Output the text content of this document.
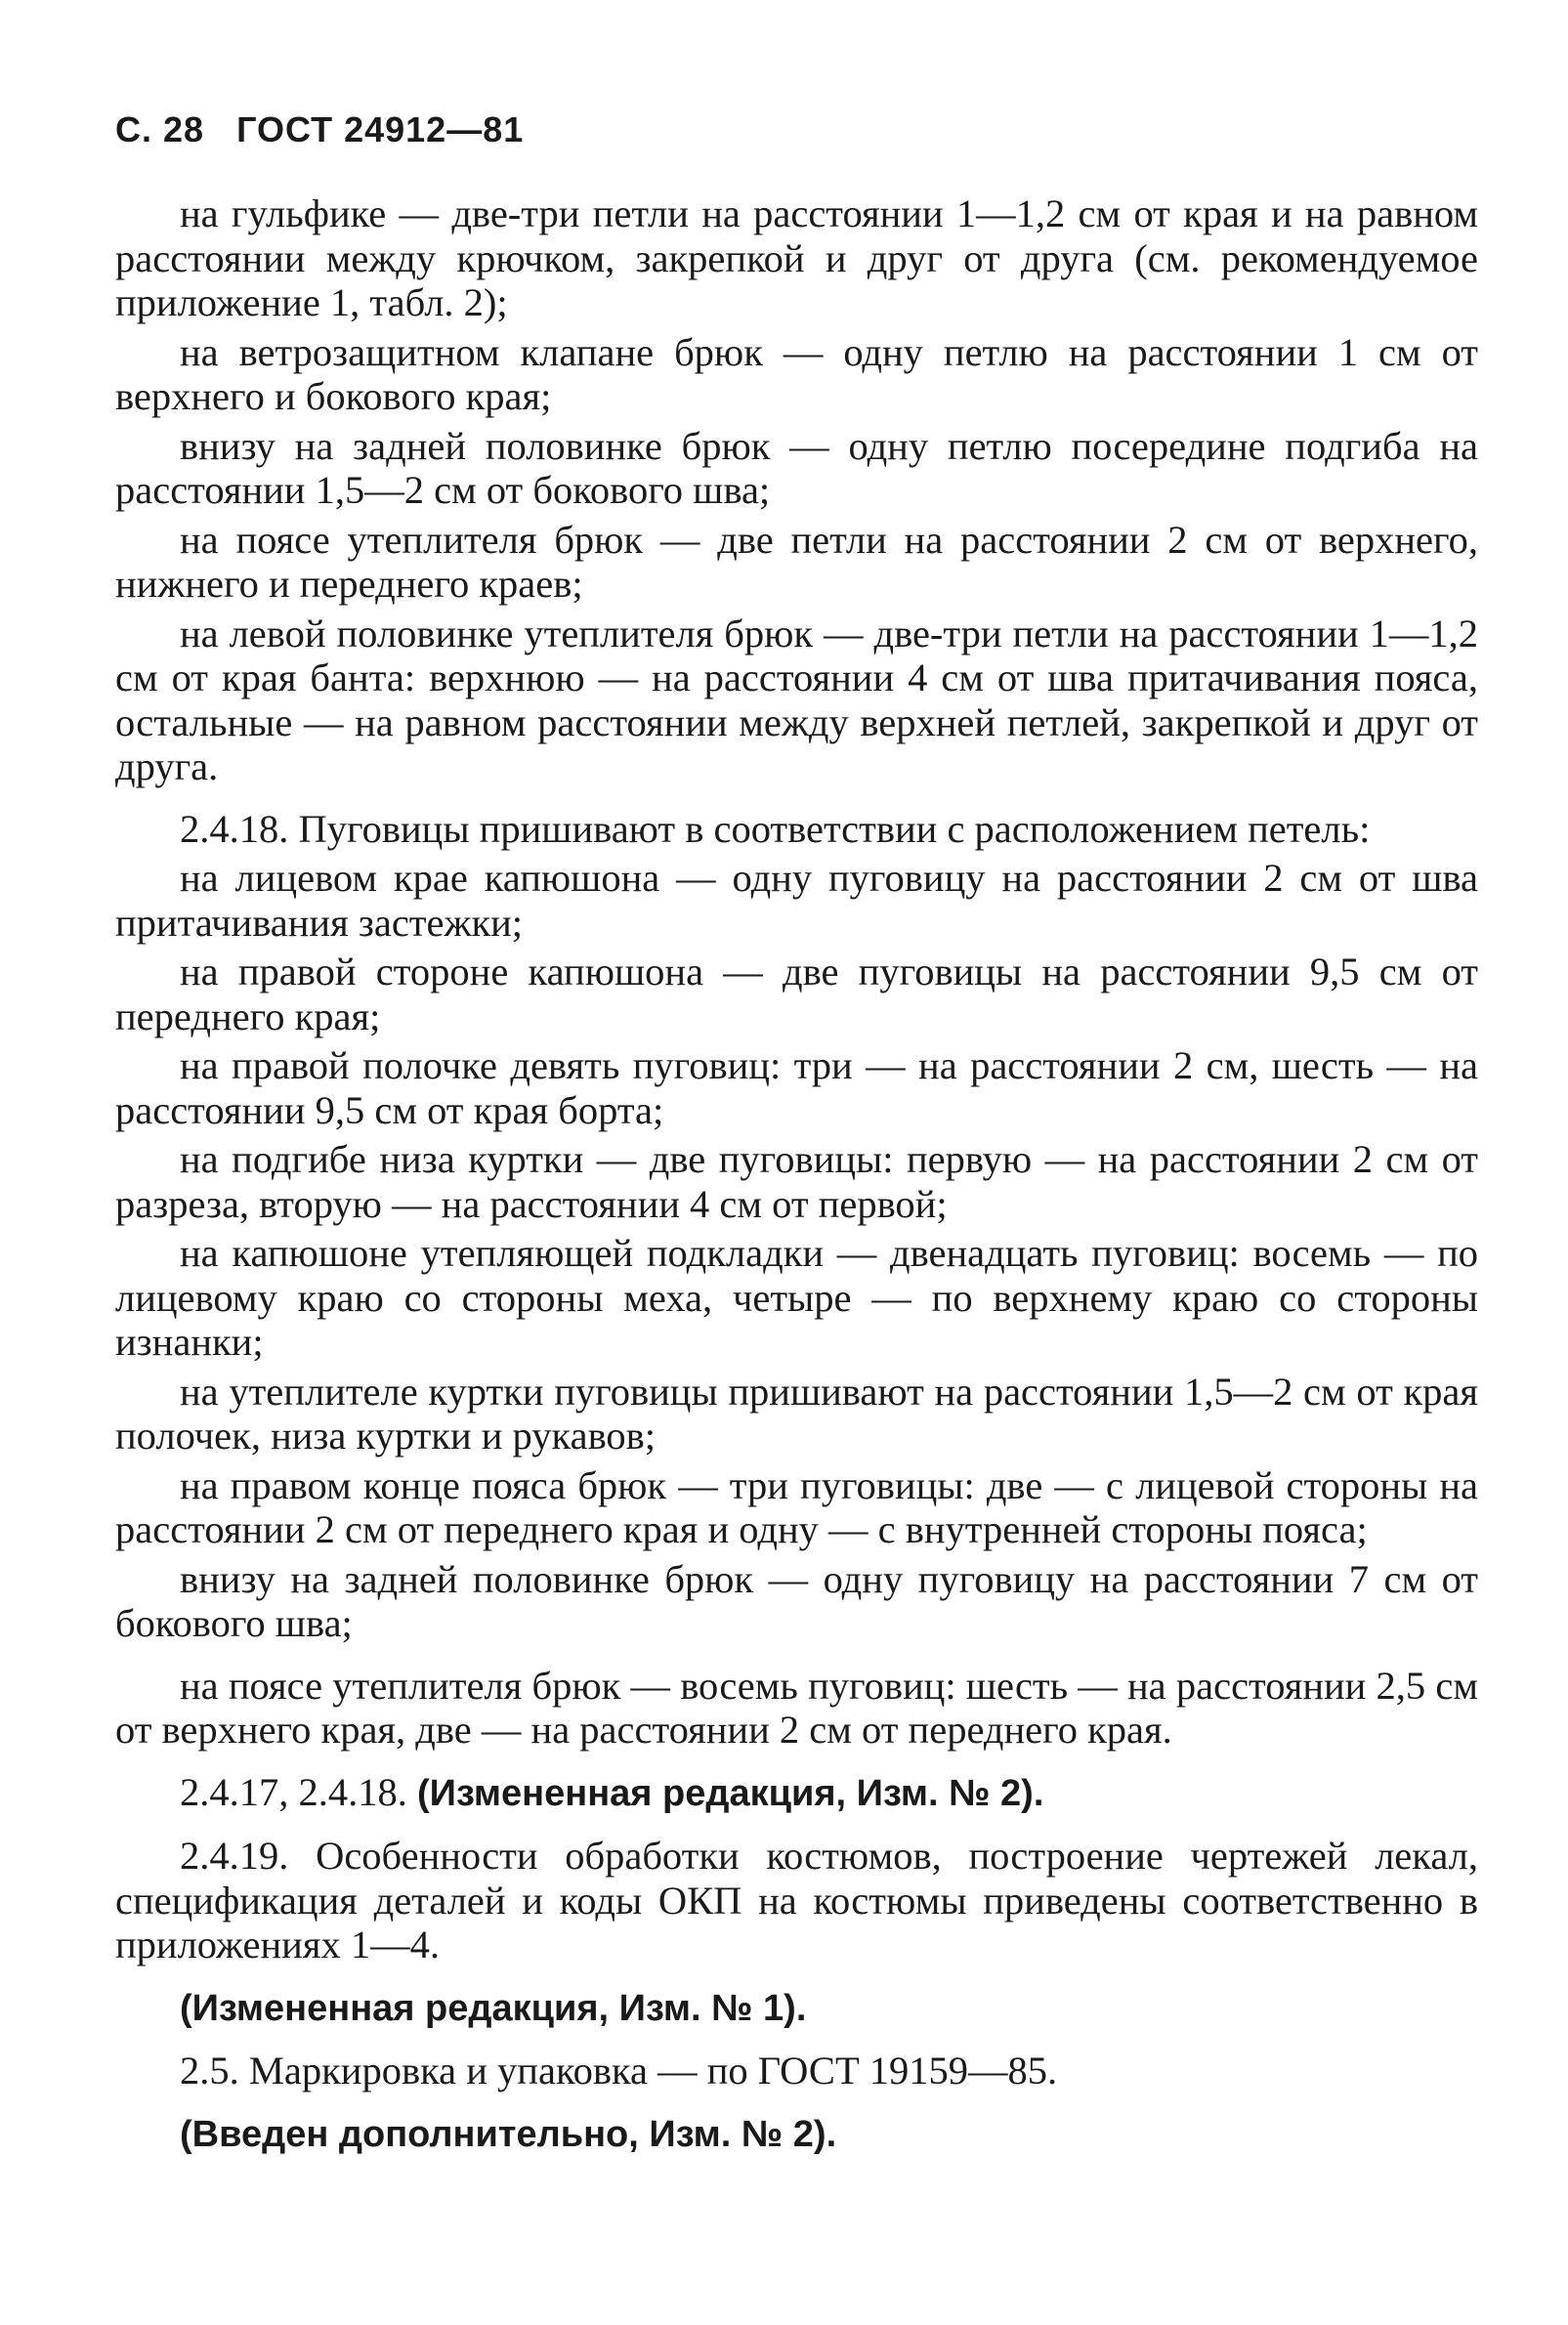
С. 28 ГОСТ 24912—81

на гульфике — две-три петли на расстоянии 1—1,2 см от края и на равном расстоянии между крючком, закрепкой и друг от друга (см. рекомендуемое приложение 1, табл. 2);

на ветрозащитном клапане брюк — одну петлю на расстоянии 1 см от верхнего и бокового края;

внизу на задней половинке брюк — одну петлю посередине подгиба на расстоянии 1,5—2 см от бокового шва;

на поясе утеплителя брюк — две петли на расстоянии 2 см от верхнего, нижнего и переднего краев;

на левой половинке утеплителя брюк — две-три петли на расстоянии 1—1,2 см от края банта: верхнюю — на расстоянии 4 см от шва притачивания пояса, остальные — на равном расстоянии между верхней петлей, закрепкой и друг от друга.

2.4.18. Пуговицы пришивают в соответствии с расположением петель:

на лицевом крае капюшона — одну пуговицу на расстоянии 2 см от шва притачивания застежки;

на правой стороне капюшона — две пуговицы на расстоянии 9,5 см от переднего края;

на правой полочке девять пуговиц: три — на расстоянии 2 см, шесть — на расстоянии 9,5 см от края борта;

на подгибе низа куртки — две пуговицы: первую — на расстоянии 2 см от разреза, вторую — на расстоянии 4 см от первой;

на капюшоне утепляющей подкладки — двенадцать пуговиц: восемь — по лицевому краю со стороны меха, четыре — по верхнему краю со стороны изнанки;

на утеплителе куртки пуговицы пришивают на расстоянии 1,5—2 см от края полочек, низа куртки и рукавов;

на правом конце пояса брюк — три пуговицы: две — с лицевой стороны на расстоянии 2 см от переднего края и одну — с внутренней стороны пояса;

внизу на задней половинке брюк — одну пуговицу на расстоянии 7 см от бокового шва;

на поясе утеплителя брюк — восемь пуговиц: шесть — на расстоянии 2,5 см от верхнего края, две — на расстоянии 2 см от переднего края.

2.4.17, 2.4.18. (Измененная редакция, Изм. № 2).

2.4.19. Особенности обработки костюмов, построение чертежей лекал, спецификация деталей и коды ОКП на костюмы приведены соответственно в приложениях 1—4.

(Измененная редакция, Изм. № 1).

2.5. Маркировка и упаковка — по ГОСТ 19159—85.

(Введен дополнительно, Изм. № 2).
